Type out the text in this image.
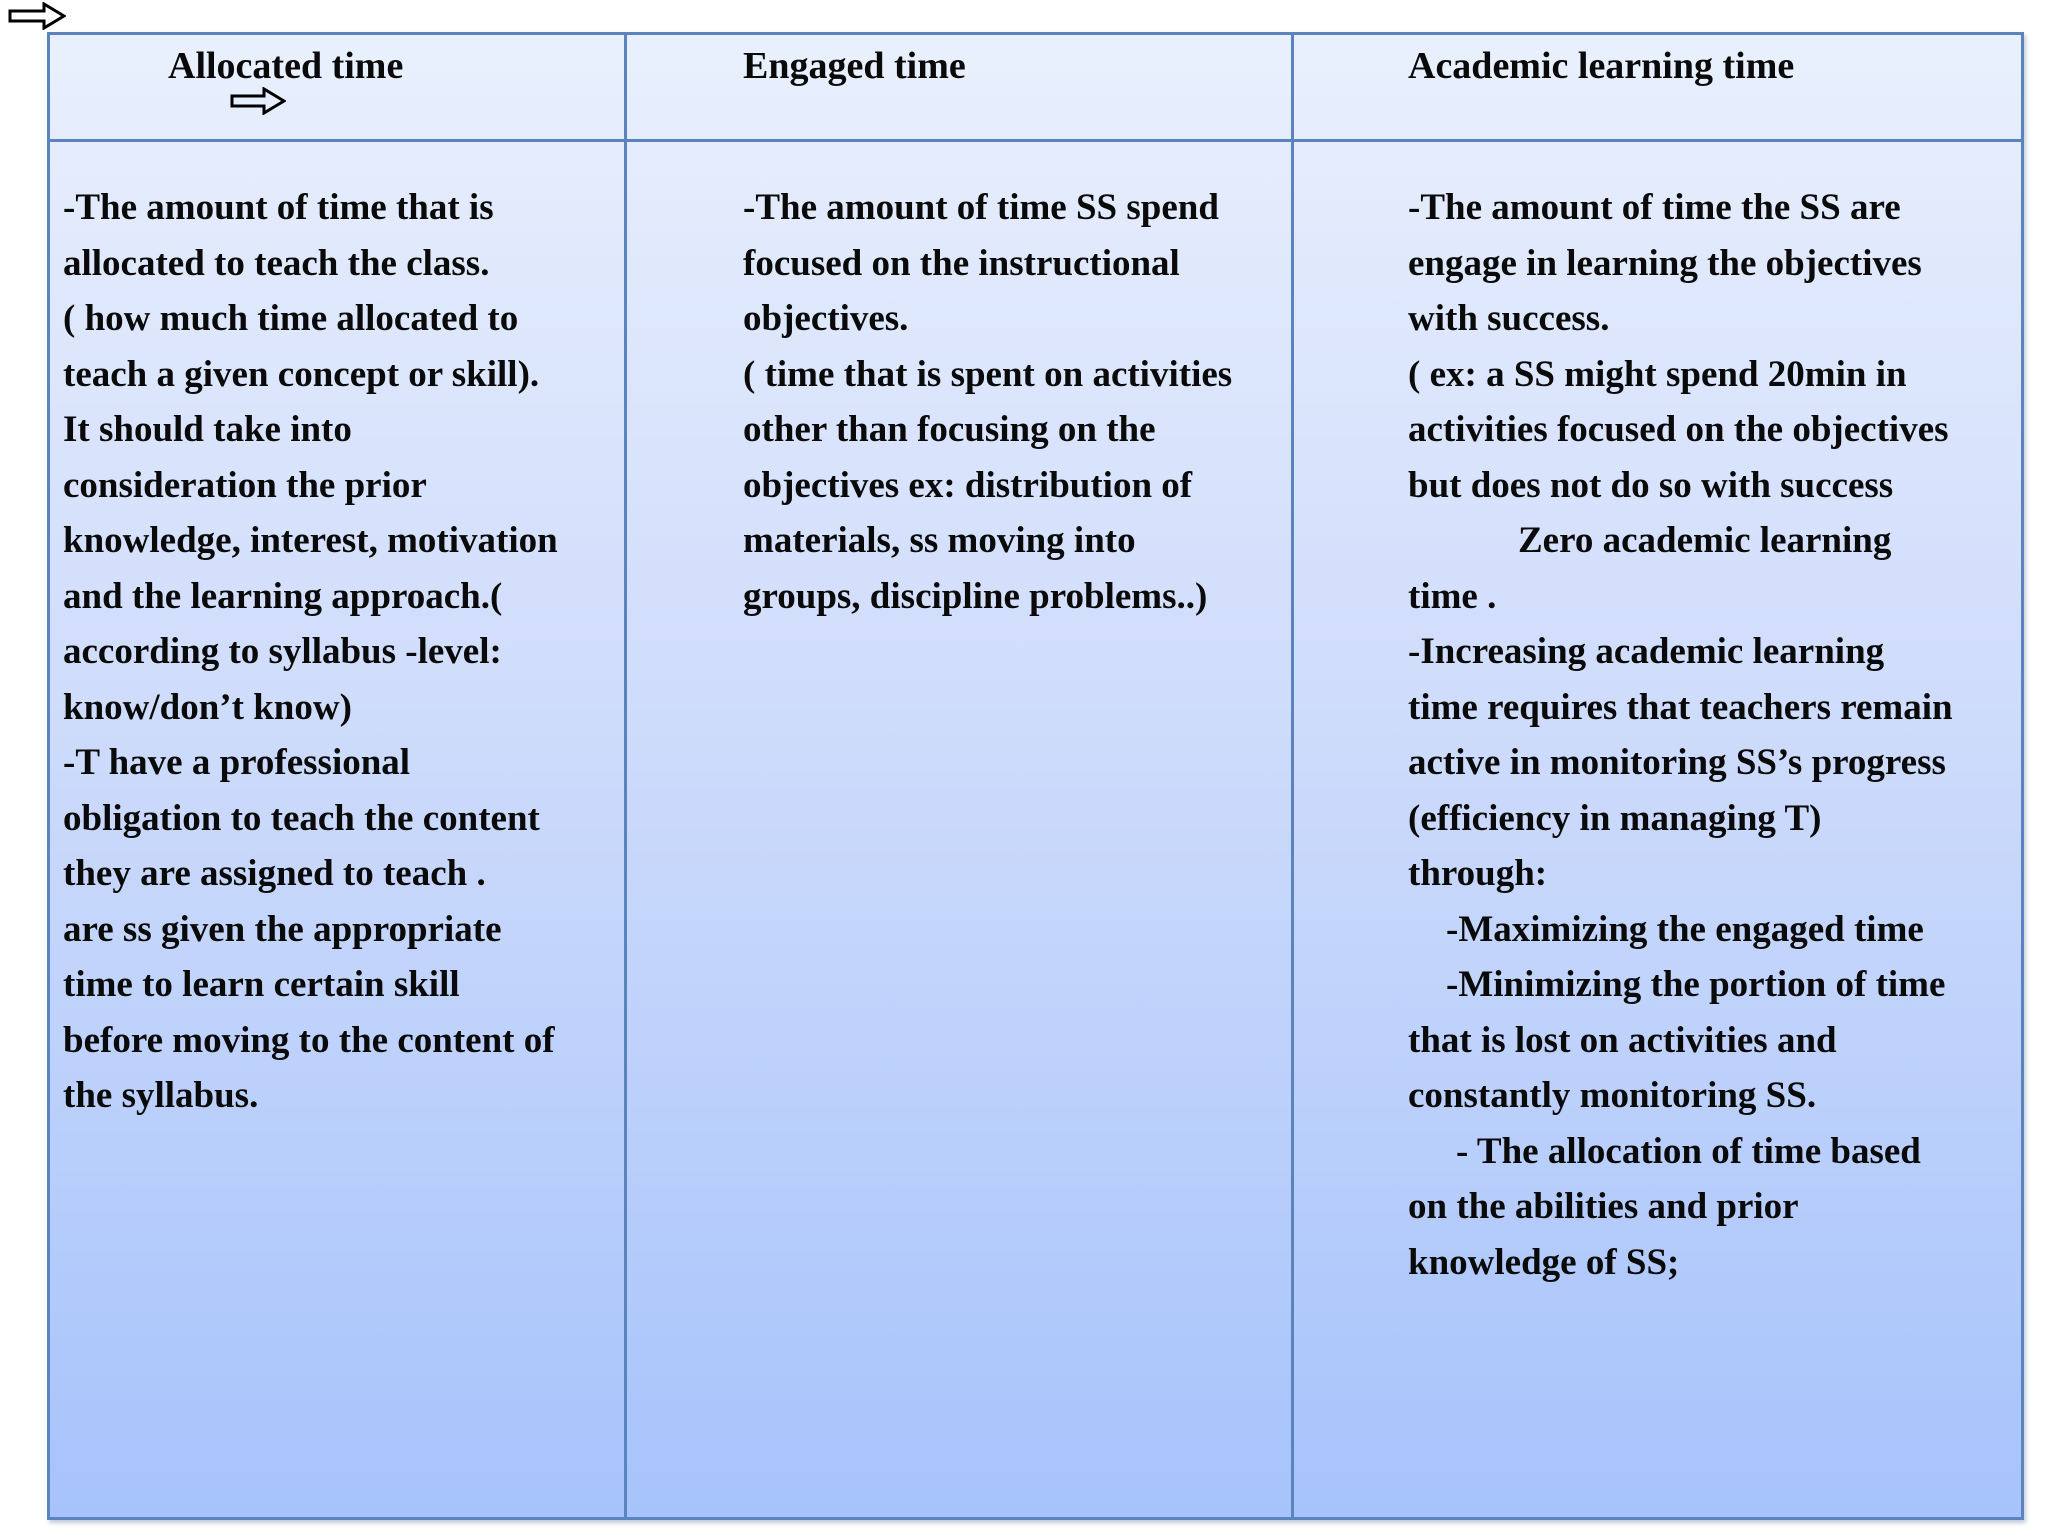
Allocated time
-The amount of time that is
allocated to teach the class.
( how much time allocated to
teach a given concept or skill).
It should take into
consideration the prior
knowledge, interest, motivation
and the learning approach.(
according to syllabus -level:
know/don’t know)
-T have a professional
obligation to teach the content
they are assigned to teach .
are ss given the appropriate
time to learn certain skill
before moving to the content of
the syllabus.
Engaged time
-The amount of time SS spend
focused on the instructional
objectives.
( time that is spent on activities
other than focusing on the
objectives ex: distribution of
materials, ss moving into
groups, discipline problems..)
Academic learning time
-The amount of time the SS are
engage in learning the objectives
with success.
( ex: a SS might spend 20min in
activities focused on the objectives
but does not do so with success
Zero academic learning
time .
-Increasing academic learning
time requires that teachers remain
active in monitoring SS’s progress
(efficiency in managing T)
through:
-Maximizing the engaged time
-Minimizing the portion of time
that is lost on activities and
constantly monitoring SS.
- The allocation of time based
on the abilities and prior
knowledge of SS;
